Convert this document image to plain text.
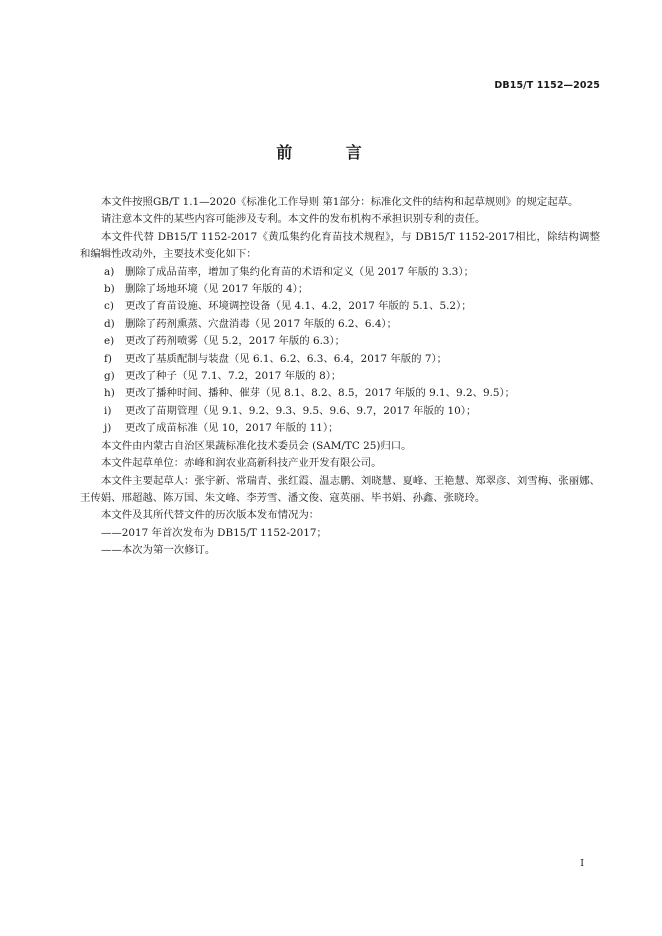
DB15/T 1152—2025
前 言

本文件按照GB/T 1.1—2020《标准化工作导则 第1部分：标准化文件的结构和起草规则》的规定起草。

请注意本文件的某些内容可能涉及专利。本文件的发布机构不承担识别专利的责任。

本文件代替 DB15/T 1152-2017《黄瓜集约化育苗技术规程》，与 DB15/T 1152-2017相比，除结构调整和编辑性改动外，主要技术变化如下：

a)	删除了成品苗率，增加了集约化育苗的术语和定义（见 2017 年版的 3.3）；
b) 删除了场地环境（见 2017 年版的 4）；
c)	更改了育苗设施、环境调控设备（见 4.1、4.2，2017 年版的 5.1、5.2）；
d) 删除了药剂熏蒸、穴盘消毒（见 2017 年版的 6.2、6.4）；
e)	更改了药剂喷雾（见 5.2，2017 年版的 6.3）；
f)	更改了基质配制与装盘（见 6.1、6.2、6.3、6.4，2017 年版的 7）；
g) 更改了种子（见 7.1、7.2，2017 年版的 8）；
h) 更改了播种时间、播种、催芽（见 8.1、8.2、8.5，2017 年版的 9.1、9.2、9.5）；
i)	更改了苗期管理（见 9.1、9.2、9.3、9.5、9.6、9.7，2017 年版的 10）；
j)	更改了成苗标准（见 10，2017 年版的 11）；

本文件由内蒙古自治区果蔬标准化技术委员会 (SAM/TC 25)归口。

本文件起草单位：赤峰和润农业高新科技产业开发有限公司。

本文件主要起草人：张宇新、常瑞青、张红霞、温志鹏、刘晓慧、夏峰、王艳慧、郑翠彦、刘雪梅、张丽娜、王传娟、邢超越、陈万国、朱文峰、李芳雪、潘文俊、寇英丽、毕书娟、孙鑫、张晓玲。

本文件及其所代替文件的历次版本发布情况为：

——2017 年首次发布为 DB15/T 1152-2017；

——本次为第一次修订。

I
